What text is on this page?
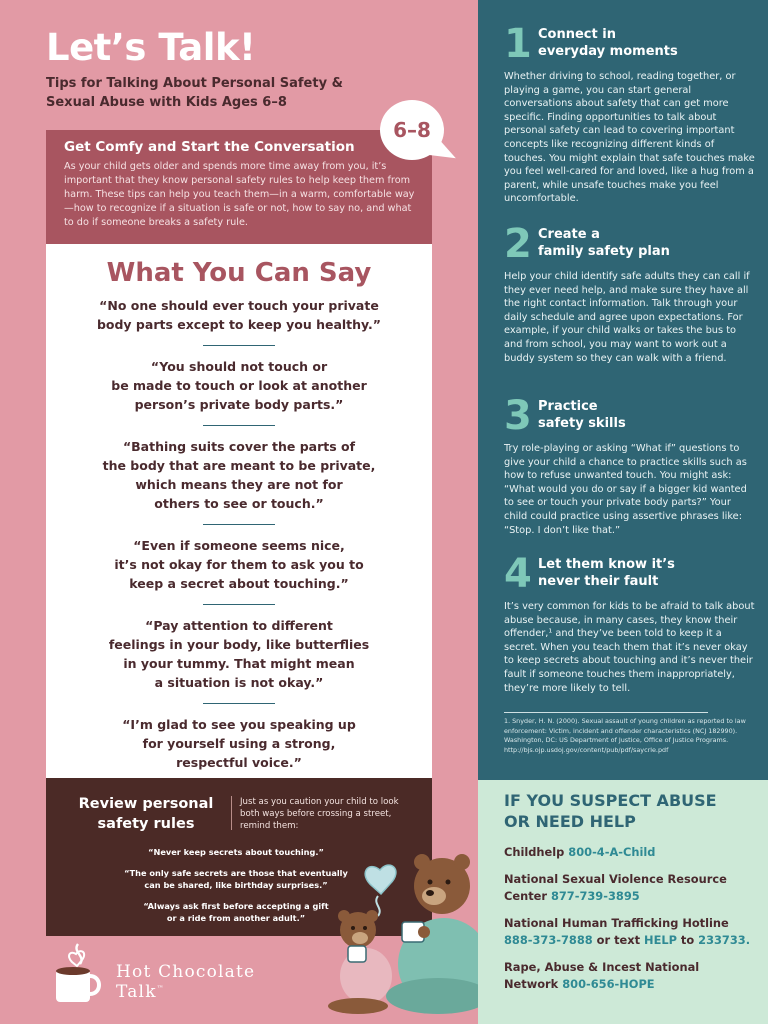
Let’s Talk!
Tips for Talking About Personal Safety & Sexual Abuse with Kids Ages 6–8
Get Comfy and Start the Conversation
As your child gets older and spends more time away from you, it’s important that they know personal safety rules to help keep them from harm. These tips can help you teach them—in a warm, comfortable way—how to recognize if a situation is safe or not, how to say no, and what to do if someone breaks a safety rule.
6–8
What You Can Say
“No one should ever touch your private
body parts except to keep you healthy.”
“You should not touch or
be made to touch or look at another
person’s private body parts.”
“Bathing suits cover the parts of
the body that are meant to be private,
which means they are not for
others to see or touch.”
“Even if someone seems nice,
it’s not okay for them to ask you to
keep a secret about touching.”
“Pay attention to different
feelings in your body, like butterflies
in your tummy. That might mean
a situation is not okay.”
“I’m glad to see you speaking up
for yourself using a strong,
respectful voice.”
Review personal safety rules
Just as you caution your child to look both ways before crossing a street, remind them:
“Never keep secrets about touching.”
“The only safe secrets are those that eventually
can be shared, like birthday surprises.”
“Always ask first before accepting a gift
or a ride from another adult.”
Hot Chocolate Talk™
1 Connect in
everyday moments
Whether driving to school, reading together, or playing a game, you can start general conversations about safety that can get more specific. Finding opportunities to talk about personal safety can lead to covering important concepts like recognizing different kinds of touches. You might explain that safe touches make you feel well-cared for and loved, like a hug from a parent, while unsafe touches make you feel uncomfortable.
2 Create a
family safety plan
Help your child identify safe adults they can call if they ever need help, and make sure they have all the right contact information. Talk through your daily schedule and agree upon expectations. For example, if your child walks or takes the bus to and from school, you may want to work out a buddy system so they can walk with a friend.
3 Practice
safety skills
Try role-playing or asking “What if” questions to give your child a chance to practice skills such as how to refuse unwanted touch. You might ask: “What would you do or say if a bigger kid wanted to see or touch your private body parts?” Your child could practice using assertive phrases like: “Stop. I don’t like that.”
4 Let them know it’s
never their fault
It’s very common for kids to be afraid to talk about abuse because, in many cases, they know their offender,¹ and they’ve been told to keep it a secret. When you teach them that it’s never okay to keep secrets about touching and it’s never their fault if someone touches them inappropriately, they’re more likely to tell.
1. Snyder, H. N. (2000). Sexual assault of young children as reported to law enforcement: Victim, incident and offender characteristics (NCJ 182990). Washington, DC: US Department of Justice, Office of Justice Programs. http://bjs.ojp.usdoj.gov/content/pub/pdf/saycrle.pdf
IF YOU SUSPECT ABUSE
OR NEED HELP
Childhelp 800-4-A-Child
National Sexual Violence Resource Center 877-739-3895
National Human Trafficking Hotline 888-373-7888 or text HELP to 233733.
Rape, Abuse & Incest National Network 800-656-HOPE
